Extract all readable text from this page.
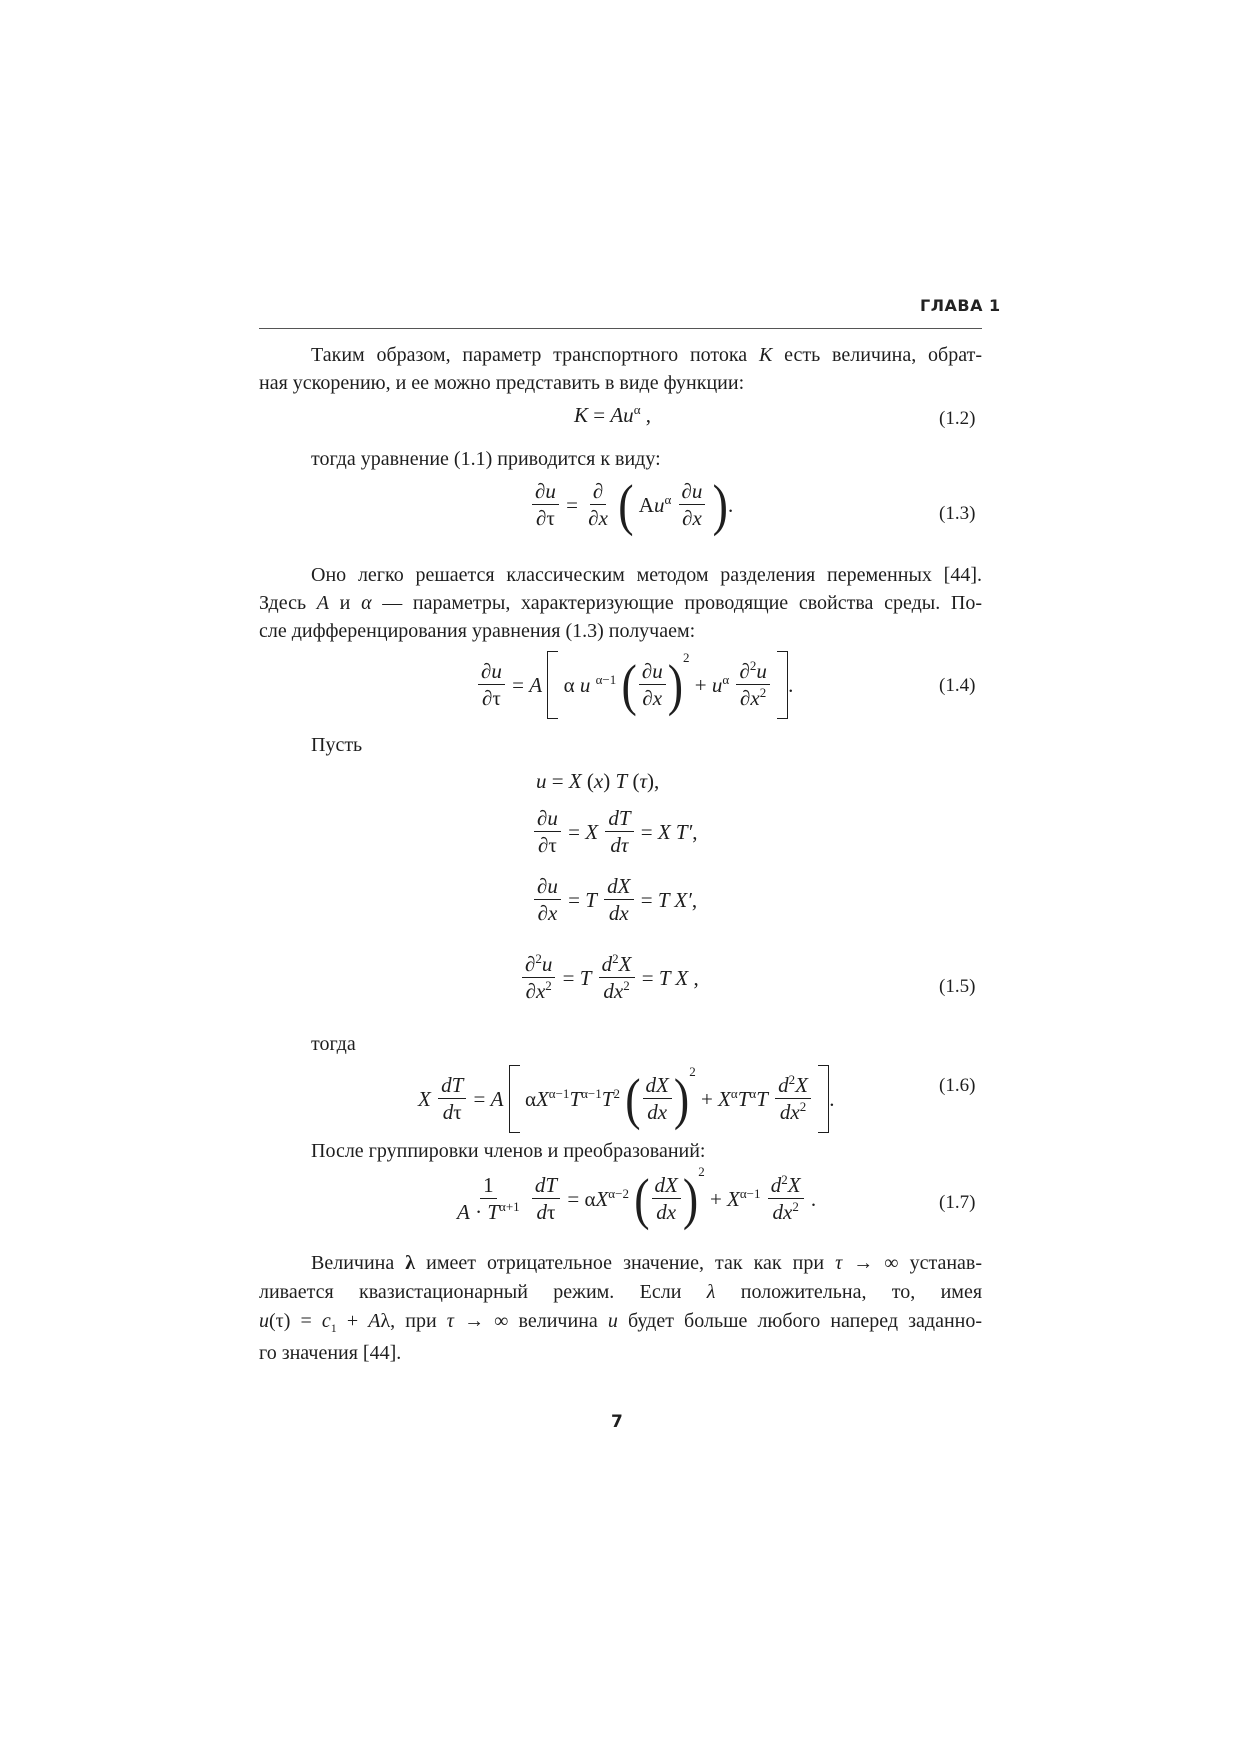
ГЛАВА 1
Таким образом, параметр транспортного потока K есть величина, обрат-
ная ускорению, и ее можно представить в виде функции:
$K = Au^\alpha$ ,	(1.2)
тогда уравнение (1.1) приводится к виду:
$\frac{\partial u}{\partial\tau} = \frac{\partial}{\partial x}$ ( $Au^\alpha \frac{\partial u}{\partial x}$ ).	(1.3)
Оно легко решается классическим методом разделения переменных [44].
Здесь A и α — параметры, характеризующие проводящие свойства среды. По-
сле дифференцирования уравнения (1.3) получаем:
$\frac{\partial u}{\partial\tau} = A$ α u $^{\alpha-1}$ ( $\frac{\partial u}{\partial x} )^2 + u^\alpha \frac{\partial^2u}{\partial x^2}$ .	(1.4)
Пусть
u = X (x) T (τ),
$\frac{\partial u}{\partial\tau} = X \frac{dT}{d\tau} = X$ T′,
$\frac{\partial u}{\partial x} = T \frac{dX}{dx} = T$ X′,
$\frac{\partial^2u}{\partial x^2} = T \frac{d^2X}{dx^2} = T$ X ,	(1.5)
тогда
X $\frac{dT}{d\tau} = A$ $\alpha X^{\alpha-1}T^{\alpha-1}T^2$ ( $\frac{dX}{dx} )^2 + X^\alpha T^\alpha T \frac{d^2X}{dx^2}$ .
(1.6)
После группировки членов и преобразований:
$\frac{1}{A \cdot T^{\alpha+1}}$
$\frac{dT}{d\tau} = \alpha X^{\alpha-2}$ ( $\frac{dX}{dx} )^2 + X^{\alpha-1} \frac{d^2X}{dx^2}$ .	(1.7)
Величина λ имеет отрицательное значение, так как при τ → ∞ устанав-
ливается квазистационарный режим. Если λ положительна, то, имея
$u(\tau) = c_1 + A\lambda$, при τ → ∞ величина u будет больше любого наперед заданно-
го значения [44].
7
